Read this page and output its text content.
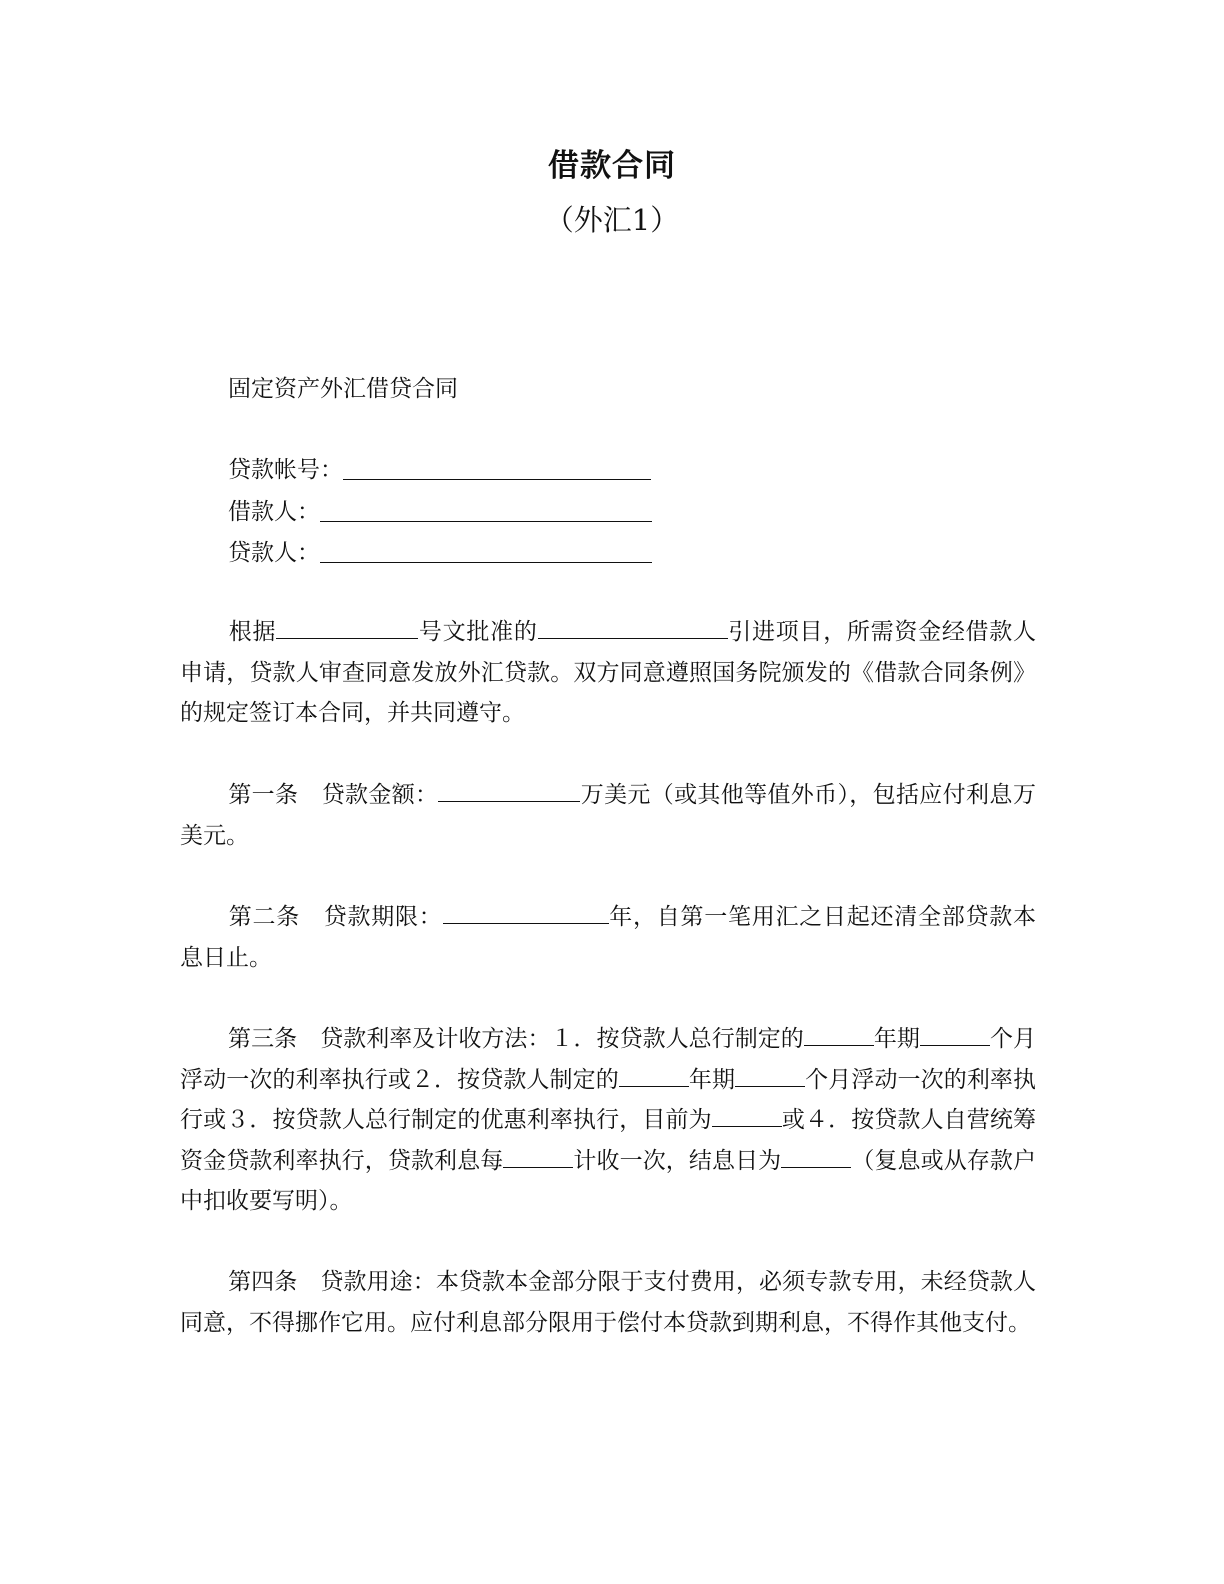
借款合同
（外汇1）
固定资产外汇借贷合同
贷款帐号：
借款人：
贷款人：
根据	号文批准的	引进项目，所需资金经借款人申请，贷款人审查同意发放外汇贷款。双方同意遵照国务院颁发的《借款合同条例》的规定签订本合同，并共同遵守。
第一条　贷款金额：	万美元（或其他等值外币），包括应付利息万美元。
第二条　贷款期限：	年，自第一笔用汇之日起还清全部贷款本息日止。
第三条　贷款利率及计收方法：１．按贷款人总行制定的	年期	个月浮动一次的利率执行或２．按贷款人制定的	年期	个月浮动一次的利率执行或３．按贷款人总行制定的优惠利率执行，目前为	或４．按贷款人自营统筹资金贷款利率执行，贷款利息每	计收一次，结息日为	（复息或从存款户中扣收要写明）。
第四条　贷款用途：本贷款本金部分限于支付费用，必须专款专用，未经贷款人同意，不得挪作它用。应付利息部分限用于偿付本贷款到期利息，不得作其他支付。
